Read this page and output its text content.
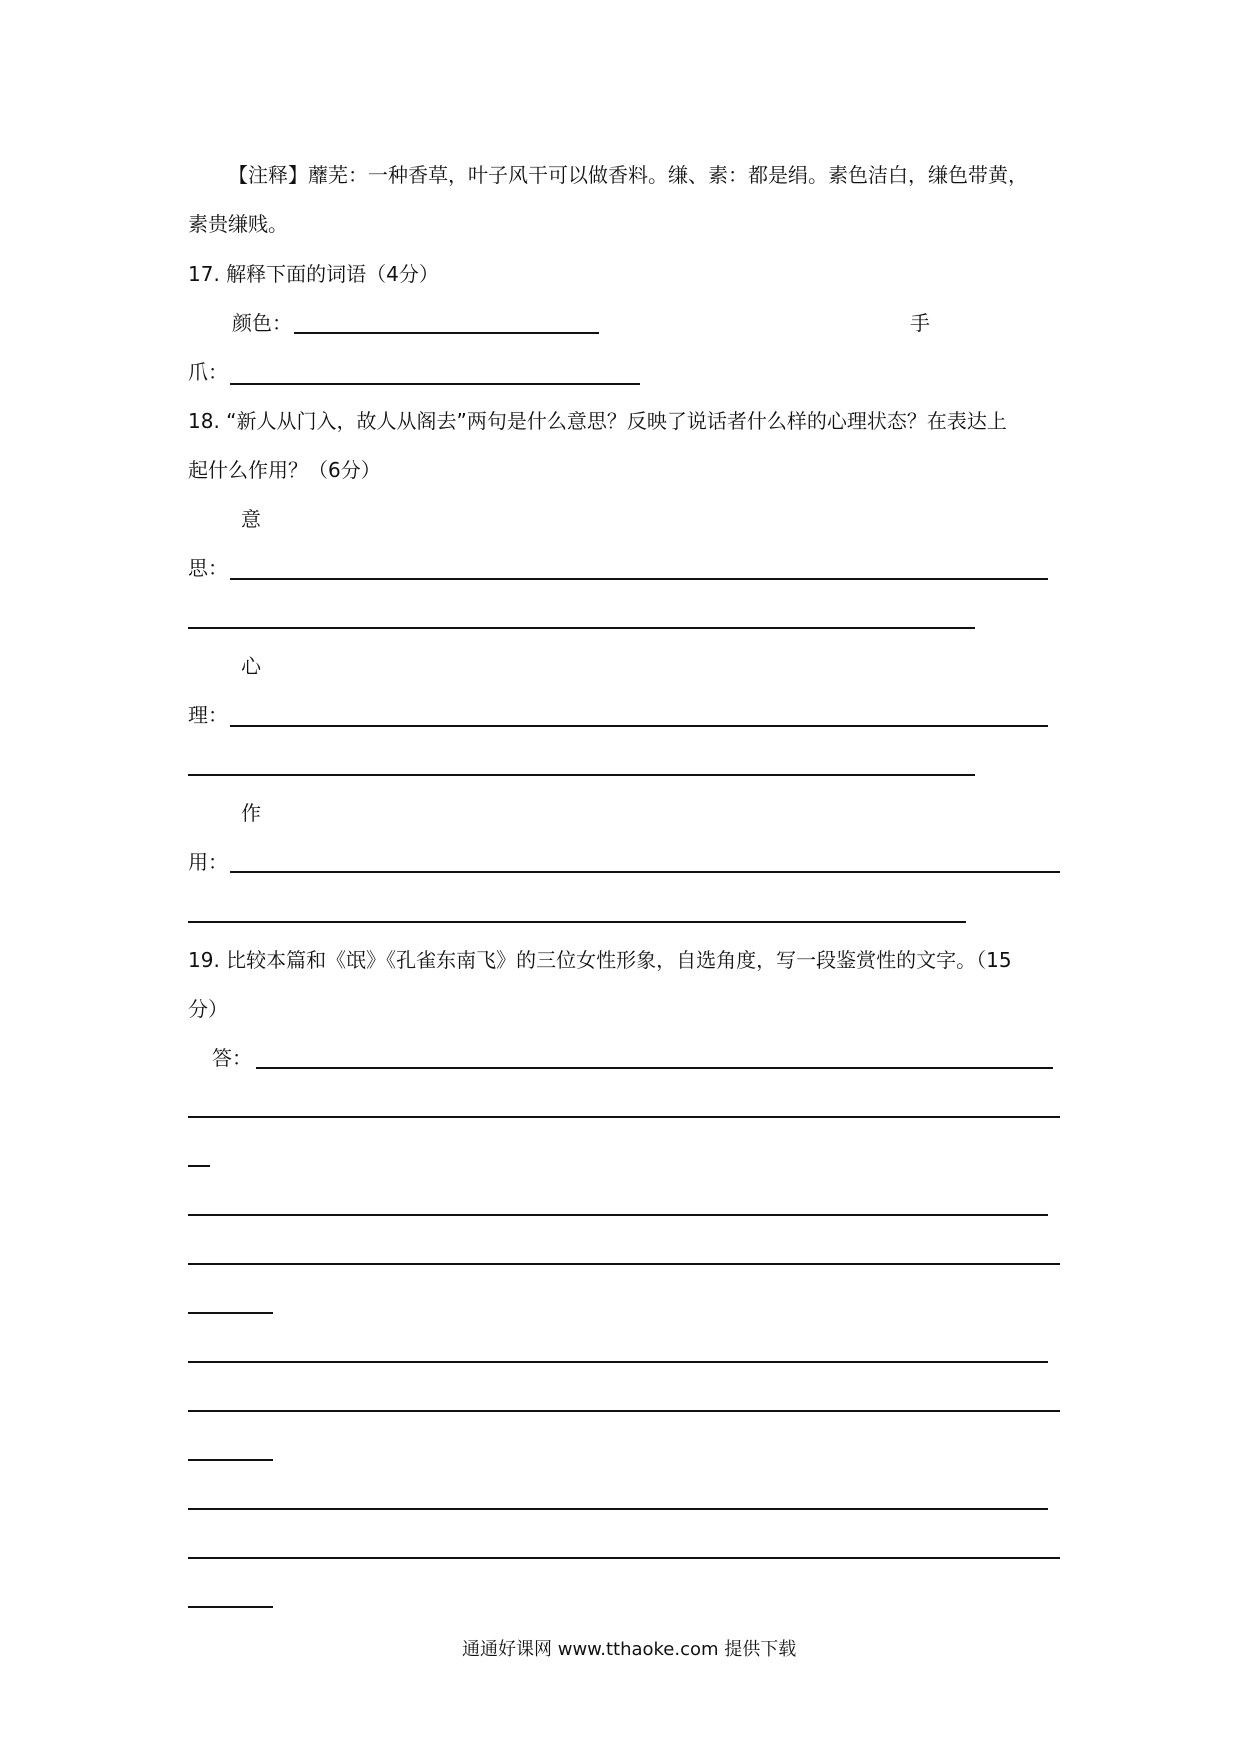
【注释】蘼芜：一种香草，叶子风干可以做香料。缣、素：都是绢。素色洁白，缣色带黄，
素贵缣贱。
17. 解释下面的词语（4分）
颜色：	手
爪：
18. “新人从门入，故人从阁去”两句是什么意思？反映了说话者什么样的心理状态？在表达上
起什么作用？（6分）
意
思：
心
理：
作
用：
19. 比较本篇和《氓》《孔雀东南飞》的三位女性形象，自选角度，写一段鉴赏性的文字。（15
分）
答：
通通好课网 www.tthaoke.com 提供下载
